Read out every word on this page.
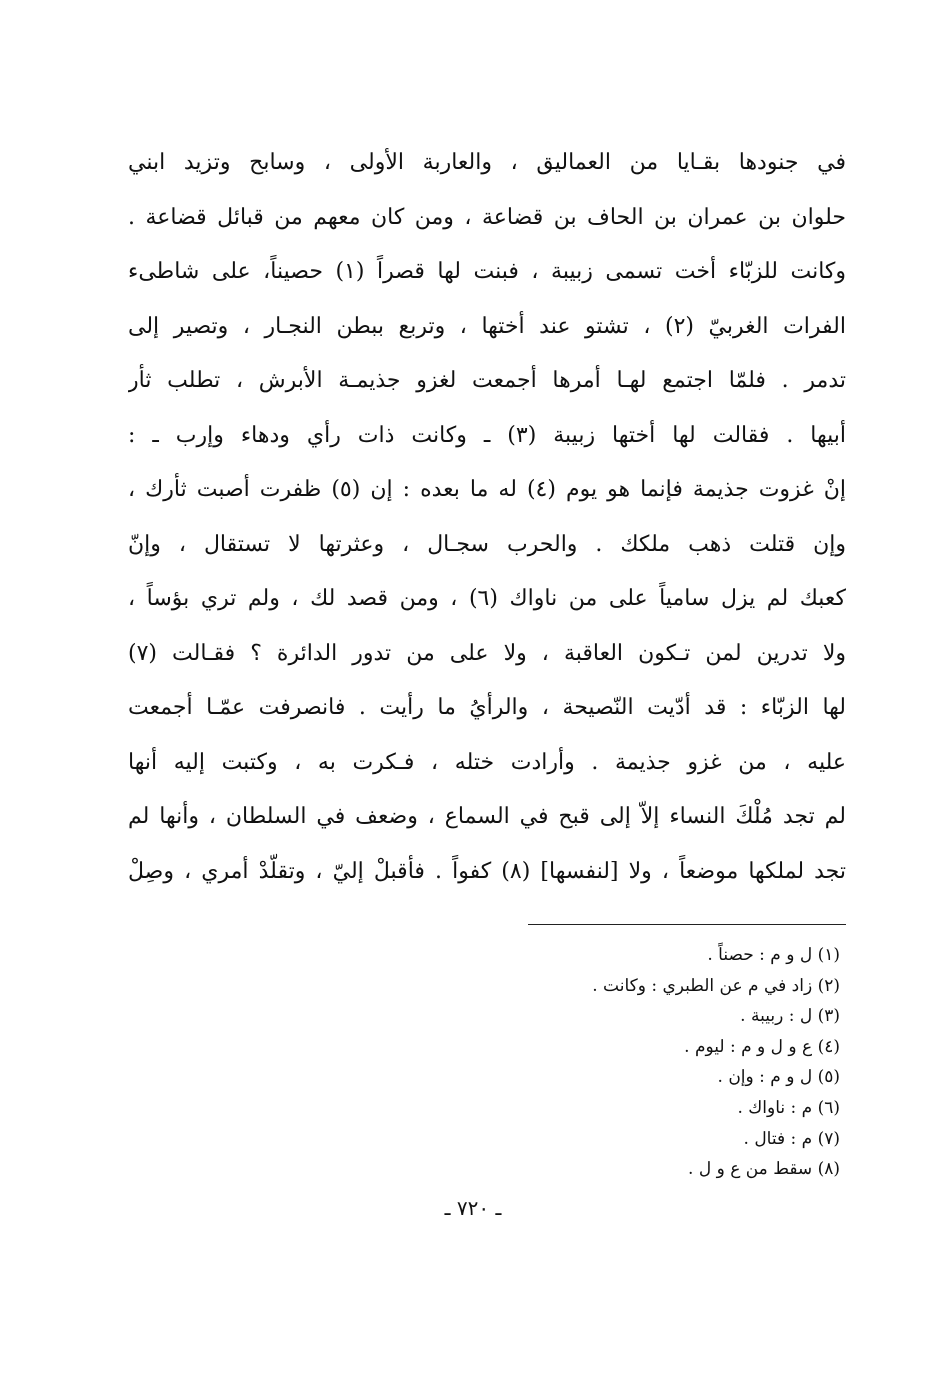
في جنودها بقـايا من العماليق ، والعاربة الأولى ، وسابح وتزيد ابني
حلوان بن عمران بن الحاف بن قضاعة ، ومن كان معهم من قبائل قضاعة .
وكانت للزبّاء أخت تسمى زبيبة ، فبنت لها قصراً (١) حصيناً، على شاطىء
الفرات الغربيّ (٢) ، تشتو عند أختها ، وتربع ببطن النجـار ، وتصير إلى
تدمر . فلمّا اجتمع لهـا أمرها أجمعت لغزو جذيمـة الأبرش ، تطلب ثأر
أبيها . فقالت لها أختها زبيبة (٣) ـ وكانت ذات رأي ودهاء وإرب ـ :
إنْ غزوت جذيمة فإنما هو يوم (٤) له ما بعده : إن (٥) ظفرت أصبت ثأرك ،
وإن قتلت ذهب ملكك . والحرب سجـال ، وعثرتها لا تستقال ، وإنّ
كعبك لم يزل سامياً على من ناواك (٦) ، ومن قصد لك ، ولم تري بؤساً ،
ولا تدرين لمن تـكون العاقبة ، ولا على من تدور الدائرة ؟ فقـالت (٧)
لها الزبّاء : قد أدّيت النّصيحة ، والرأيُ ما رأيت . فانصرفت عمّـا أجمعت
عليه ، من غزو جذيمة . وأرادت ختله ، فـكرت به ، وكتبت إليه أنها
لم تجد مُلْكَ النساء إلاّ إلى قبح في السماع ، وضعف في السلطان ، وأنها لم
تجد لملكها موضعاً ، ولا [لنفسها] (٨) كفواً . فأقبلْ إليّ ، وتقلّدْ أمري ، وصِلْ
(١) ل و م : حصناً .
(٢) زاد في م عن الطبري : وكانت .
(٣) ل : ربيبة .
(٤) ع و ل و م : ليوم .
(٥) ل و م : وإن .
(٦) م : ناواك .
(٧) م : فتال .
(٨) سقط من ع و ل .
ـ ٧٢٠ ـ
